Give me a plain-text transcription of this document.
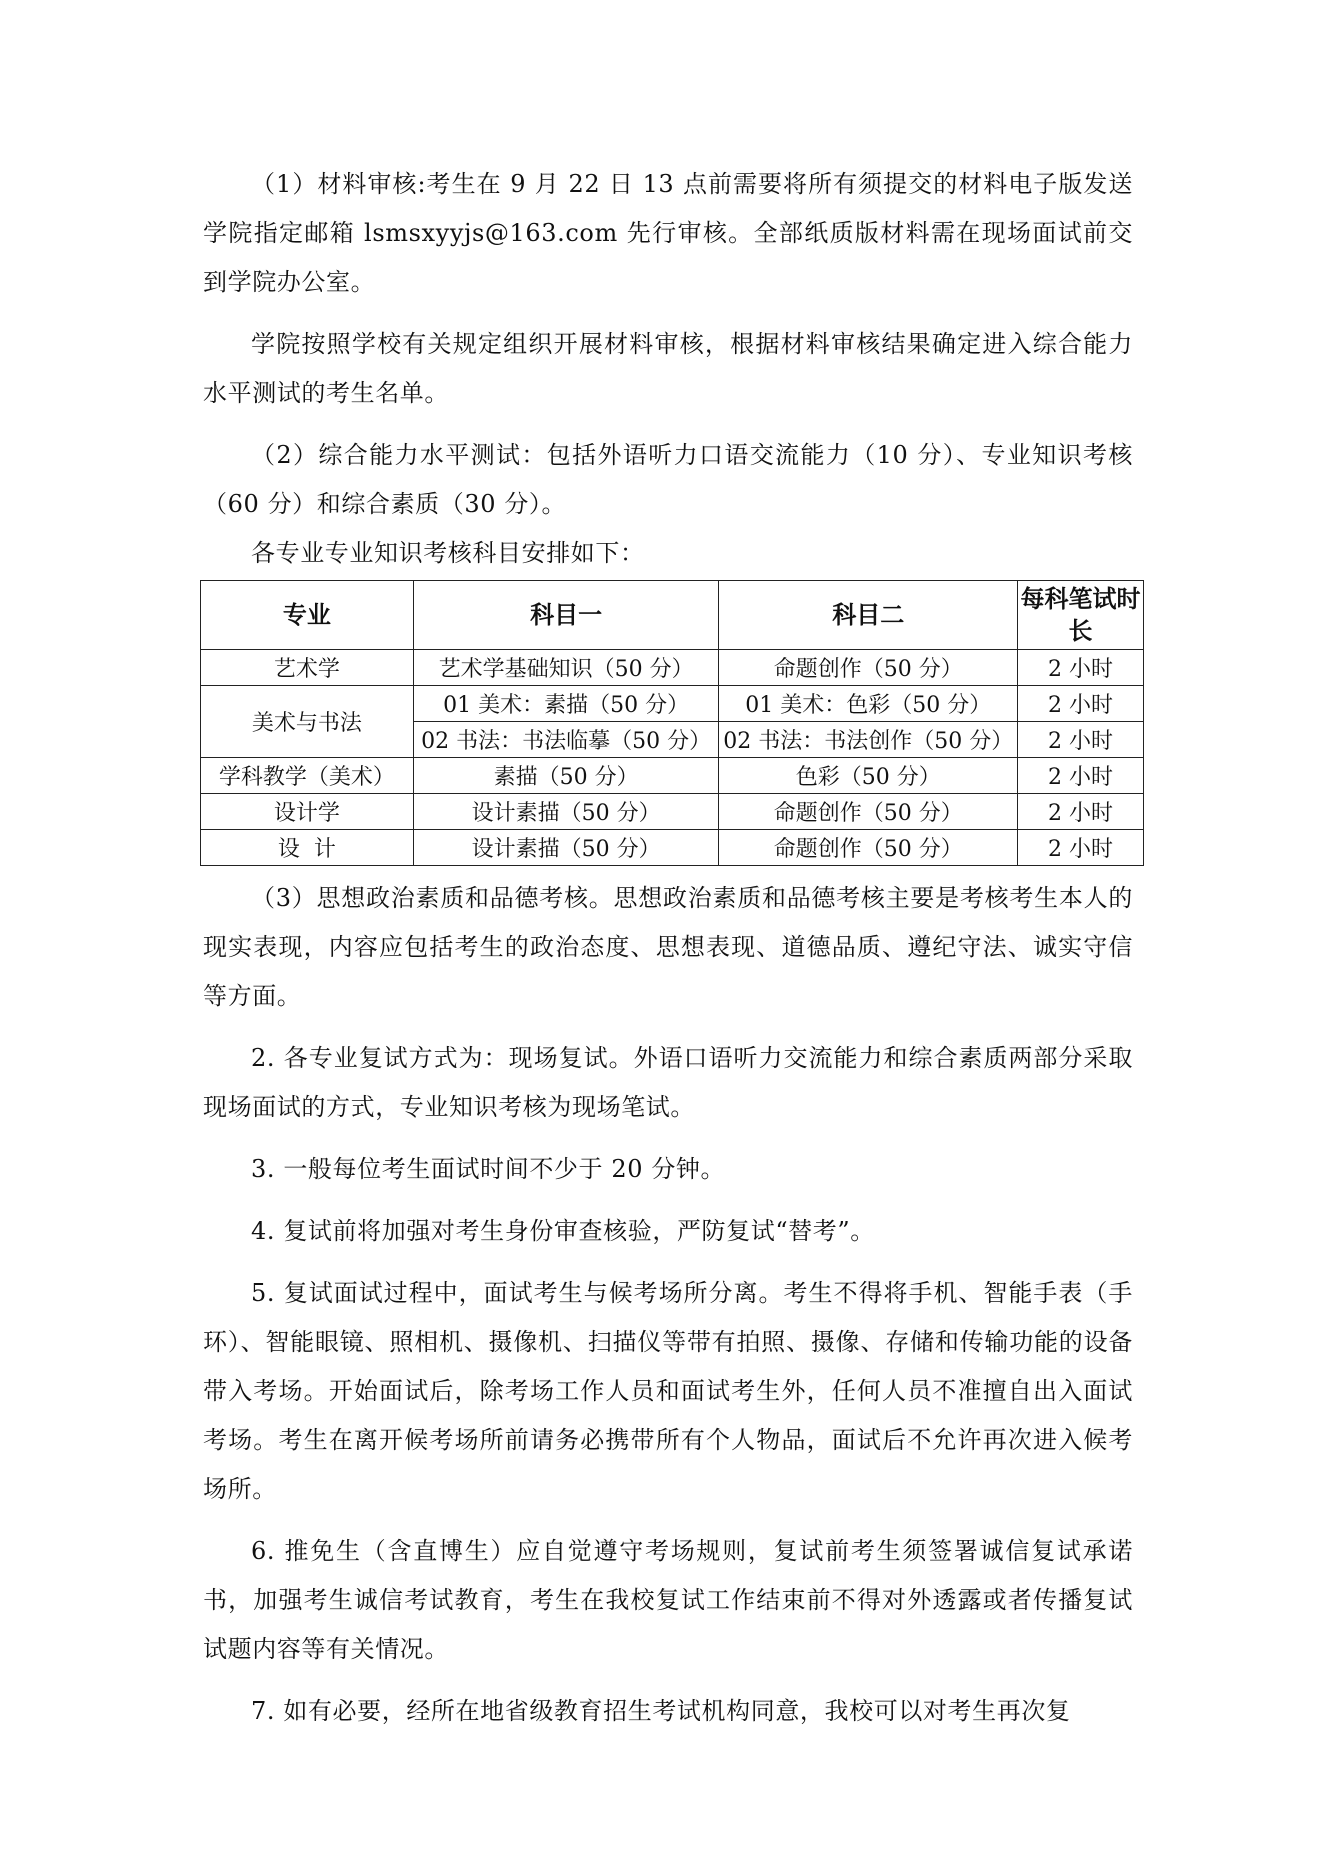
（1）材料审核:考生在 9 月 22 日 13 点前需要将所有须提交的材料电子版发送学院指定邮箱 lsmsxyyjs@163.com 先行审核。全部纸质版材料需在现场面试前交到学院办公室。

学院按照学校有关规定组织开展材料审核，根据材料审核结果确定进入综合能力水平测试的考生名单。

（2）综合能力水平测试：包括外语听力口语交流能力（10 分）、专业知识考核（60 分）和综合素质（30 分）。

各专业专业知识考核科目安排如下：

专业	科目一	科目二	每科笔试时长
艺术学	艺术学基础知识（50 分）	命题创作（50 分）	2 小时
美术与书法	01 美术：素描（50 分）	01 美术：色彩（50 分）	2 小时
	02 书法：书法临摹（50 分）	02 书法：书法创作（50 分）	2 小时
学科教学（美术）	素描（50 分）	色彩（50 分）	2 小时
设计学	设计素描（50 分）	命题创作（50 分）	2 小时
设  计	设计素描（50 分）	命题创作（50 分）	2 小时

（3）思想政治素质和品德考核。思想政治素质和品德考核主要是考核考生本人的现实表现，内容应包括考生的政治态度、思想表现、道德品质、遵纪守法、诚实守信等方面。

2. 各专业复试方式为：现场复试。外语口语听力交流能力和综合素质两部分采取现场面试的方式，专业知识考核为现场笔试。

3. 一般每位考生面试时间不少于 20 分钟。

4. 复试前将加强对考生身份审查核验，严防复试“替考”。

5. 复试面试过程中，面试考生与候考场所分离。考生不得将手机、智能手表（手环）、智能眼镜、照相机、摄像机、扫描仪等带有拍照、摄像、存储和传输功能的设备带入考场。开始面试后，除考场工作人员和面试考生外，任何人员不准擅自出入面试考场。考生在离开候考场所前请务必携带所有个人物品，面试后不允许再次进入候考场所。

6. 推免生（含直博生）应自觉遵守考场规则，复试前考生须签署诚信复试承诺书，加强考生诚信考试教育，考生在我校复试工作结束前不得对外透露或者传播复试试题内容等有关情况。

7. 如有必要，经所在地省级教育招生考试机构同意，我校可以对考生再次复
